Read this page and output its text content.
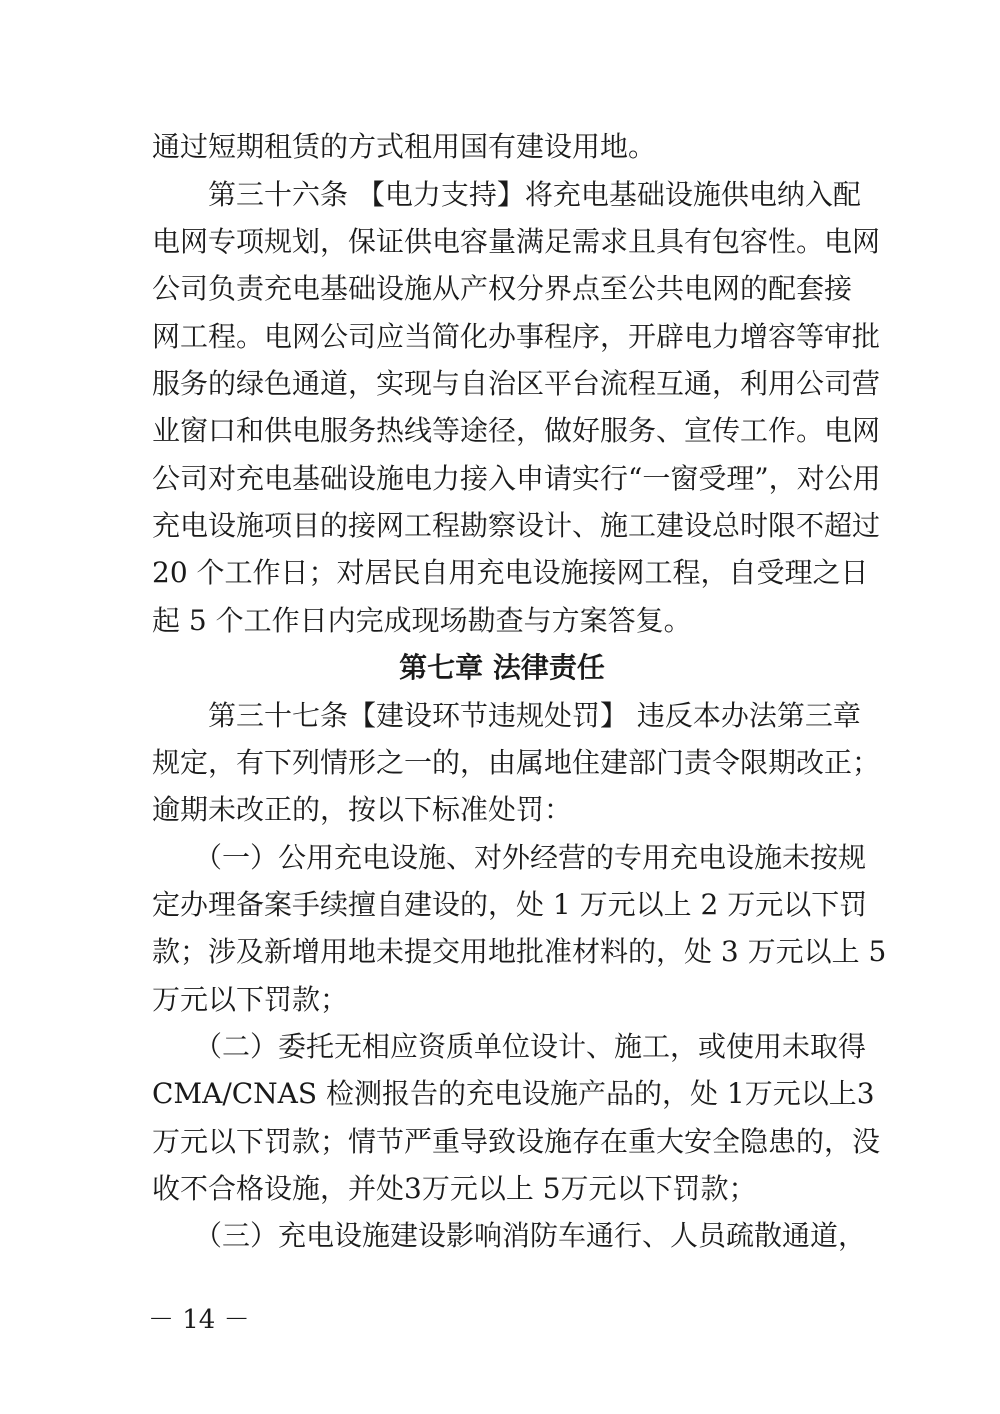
通过短期租赁的方式租用国有建设用地。
　　第三十六条 【电力支持】将充电基础设施供电纳入配
电网专项规划，保证供电容量满足需求且具有包容性。电网
公司负责充电基础设施从产权分界点至公共电网的配套接
网工程。电网公司应当简化办事程序，开辟电力增容等审批
服务的绿色通道，实现与自治区平台流程互通，利用公司营
业窗口和供电服务热线等途径，做好服务、宣传工作。电网
公司对充电基础设施电力接入申请实行“一窗受理”，对公用
充电设施项目的接网工程勘察设计、施工建设总时限不超过
20 个工作日；对居民自用充电设施接网工程，自受理之日
起 5 个工作日内完成现场勘查与方案答复。
第七章 法律责任
　　第三十七条【建设环节违规处罚】 违反本办法第三章
规定，有下列情形之一的，由属地住建部门责令限期改正；
逾期未改正的，按以下标准处罚：
　　（一）公用充电设施、对外经营的专用充电设施未按规
定办理备案手续擅自建设的，处 1 万元以上 2 万元以下罚
款；涉及新增用地未提交用地批准材料的，处 3 万元以上 5
万元以下罚款；
　　（二）委托无相应资质单位设计、施工，或使用未取得
CMA/CNAS 检测报告的充电设施产品的，处 1万元以上3
万元以下罚款；情节严重导致设施存在重大安全隐患的，没
收不合格设施，并处3万元以上 5万元以下罚款；
　　（三）充电设施建设影响消防车通行、人员疏散通道，
－ 14 －
